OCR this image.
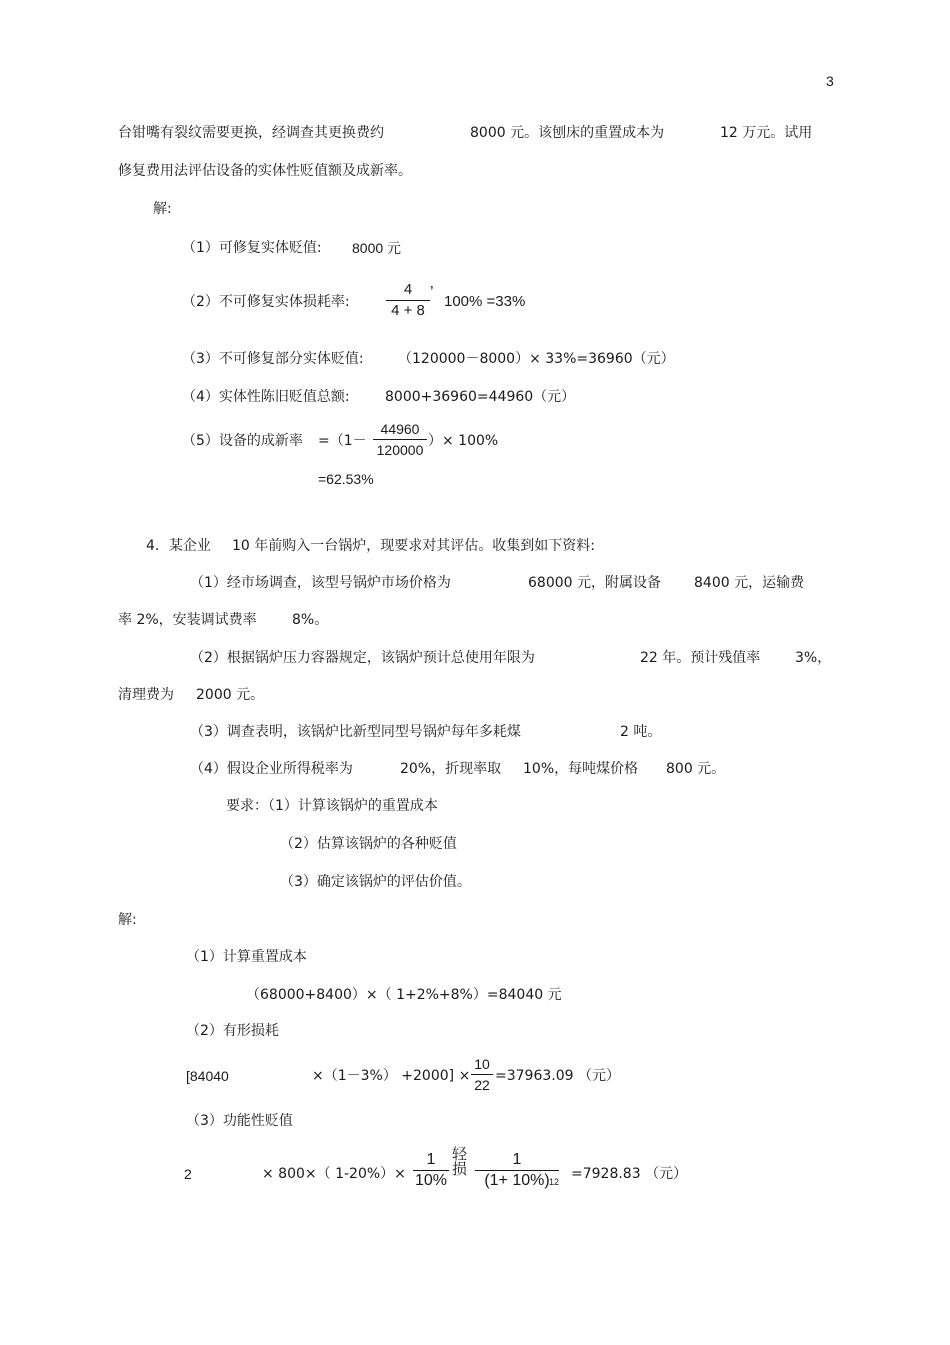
3
台钳嘴有裂纹需要更换，经调查其更换费约	8000 元。该刨床的重置成本为	12 万元。试用
修复费用法评估设备的实体性贬值额及成新率。
解:
（1）可修复实体贬值: 8000 元
（2）不可修复实体损耗率:
4
4 + 8
’
100% =33%
（3）不可修复部分实体贬值: （120000－8000）× 33%=36960（元）
（4）实体性陈旧贬值总额:	8000+36960=44960（元）
（5）设备的成新率 =（1－
44960
120000
）× 100%
=62.53%
4．某企业 10 年前购入一台锅炉，现要求对其评估。收集到如下资料:
（1）经市场调查，该型号锅炉市场价格为	68000 元，附属设备 8400 元，运输费
率 2%，安装调试费率	8%。
（2）根据锅炉压力容器规定，该锅炉预计总使用年限为	22 年。预计残值率 3%，
清理费为 2000 元。
（3）调查表明，该锅炉比新型同型号锅炉每年多耗煤	2 吨。
（4）假设企业所得税率为	20%，折现率取 10%，每吨煤价格 800 元。
要求：（1）计算该锅炉的重置成本
（2）估算该锅炉的各种贬值
（3）确定该锅炉的评估价值。
解:
（1）计算重置成本
（68000+8400）×（ 1+2%+8%）=84040 元
（2）有形损耗
[84040	×（1－3%） +2000] ×
10
22
=37963.09 （元）
（3）功能性贬值
2	× 800×（ 1-20%）×
1
10%
轻损
1
(1+ 10%) 12 =7928.83 （元）
